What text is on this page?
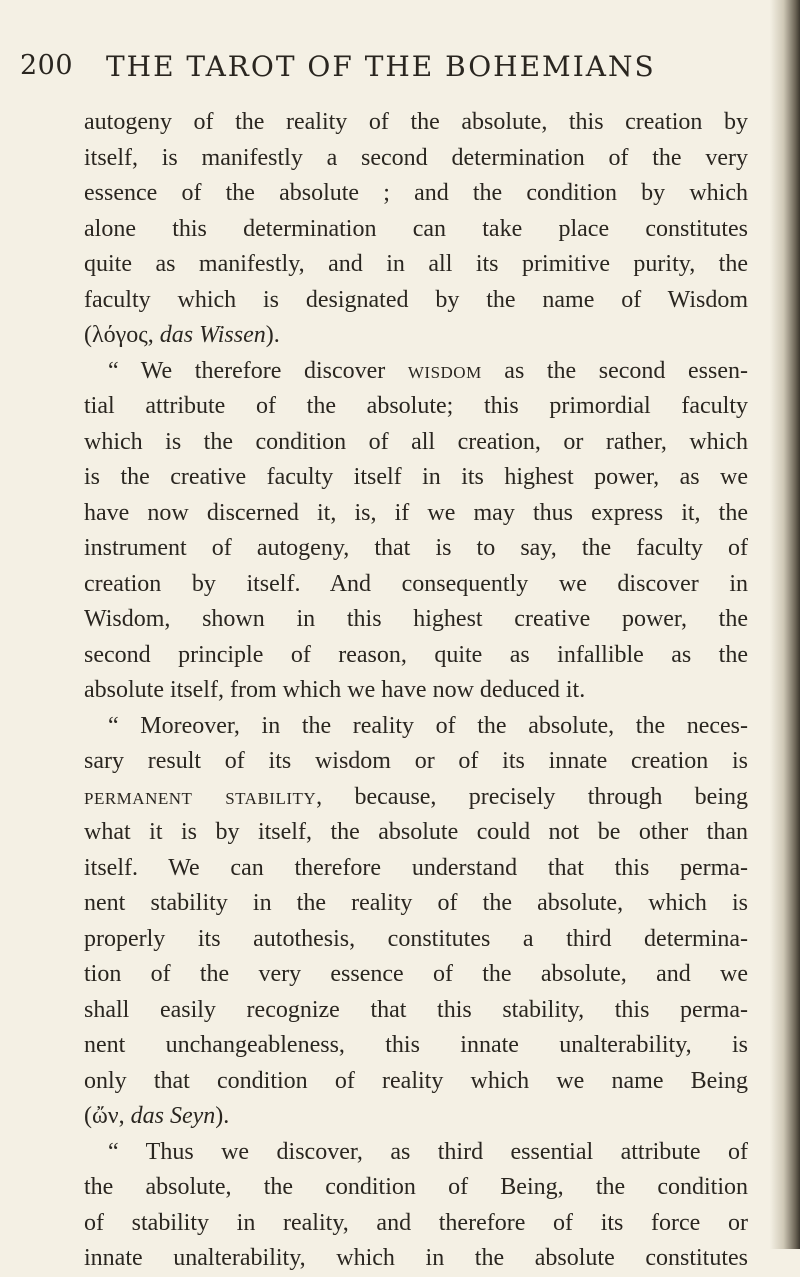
200 THE TAROT OF THE BOHEMIANS
autogeny of the reality of the absolute, this creation by
itself, is manifestly a second determination of the very
essence of the absolute ; and the condition by which
alone this determination can take place constitutes
quite as manifestly, and in all its primitive purity, the
faculty which is designated by the name of Wisdom
(λόγος, das Wissen).
“ We therefore discover wisdom as the second essen-
tial attribute of the absolute; this primordial faculty
which is the condition of all creation, or rather, which
is the creative faculty itself in its highest power, as we
have now discerned it, is, if we may thus express it, the
instrument of autogeny, that is to say, the faculty of
creation by itself. And consequently we discover in
Wisdom, shown in this highest creative power, the
second principle of reason, quite as infallible as the
absolute itself, from which we have now deduced it.
“ Moreover, in the reality of the absolute, the neces-
sary result of its wisdom or of its innate creation is
permanent stability, because, precisely through being
what it is by itself, the absolute could not be other than
itself. We can therefore understand that this perma-
nent stability in the reality of the absolute, which is
properly its autothesis, constitutes a third determina-
tion of the very essence of the absolute, and we
shall easily recognize that this stability, this perma-
nent unchangeableness, this innate unalterability, is
only that condition of reality which we name Being
(ὤν, das Seyn).
“ Thus we discover, as third essential attribute of
the absolute, the condition of Being, the condition
of stability in reality, and therefore of its force or
innate unalterability, which in the absolute constitutes
